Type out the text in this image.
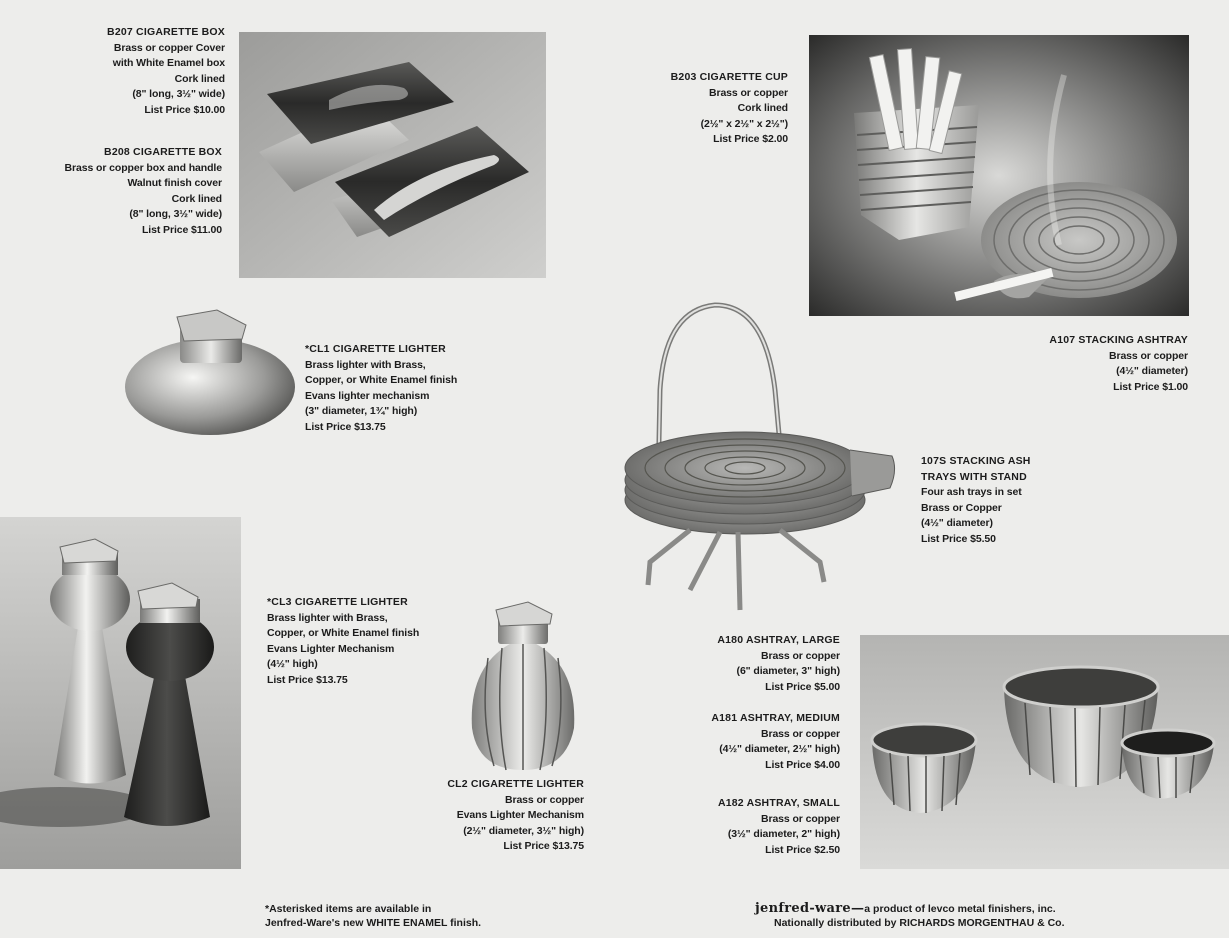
B207 CIGARETTE BOX
Brass or copper Cover
with White Enamel box
Cork lined
(8" long, 3½" wide)
List Price $10.00
B208 CIGARETTE BOX
Brass or copper box and handle
Walnut finish cover
Cork lined
(8" long, 3½" wide)
List Price $11.00
B203 CIGARETTE CUP
Brass or copper
Cork lined
(2½" x 2½" x 2½")
List Price $2.00
A107 STACKING ASHTRAY
Brass or copper
(4½" diameter)
List Price $1.00
*CL1 CIGARETTE LIGHTER
Brass lighter with Brass,
Copper, or White Enamel finish
Evans lighter mechanism
(3" diameter, 1¾" high)
List Price $13.75
107S STACKING ASH
TRAYS WITH STAND
Four ash trays in set
Brass or Copper
(4½" diameter)
List Price $5.50
*CL3 CIGARETTE LIGHTER
Brass lighter with Brass,
Copper, or White Enamel finish
Evans Lighter Mechanism
(4½" high)
List Price $13.75
A180 ASHTRAY, LARGE
Brass or copper
(6" diameter, 3" high)
List Price $5.00
A181 ASHTRAY, MEDIUM
Brass or copper
(4½" diameter, 2½" high)
List Price $4.00
A182 ASHTRAY, SMALL
Brass or copper
(3½" diameter, 2" high)
List Price $2.50
CL2 CIGARETTE LIGHTER
Brass or copper
Evans Lighter Mechanism
(2½" diameter, 3½" high)
List Price $13.75
*Asterisked items are available in
Jenfred-Ware's new WHITE ENAMEL finish.
jenfred-ware—a product of levco metal finishers, inc.
Nationally distributed by RICHARDS MORGENTHAU & Co.
